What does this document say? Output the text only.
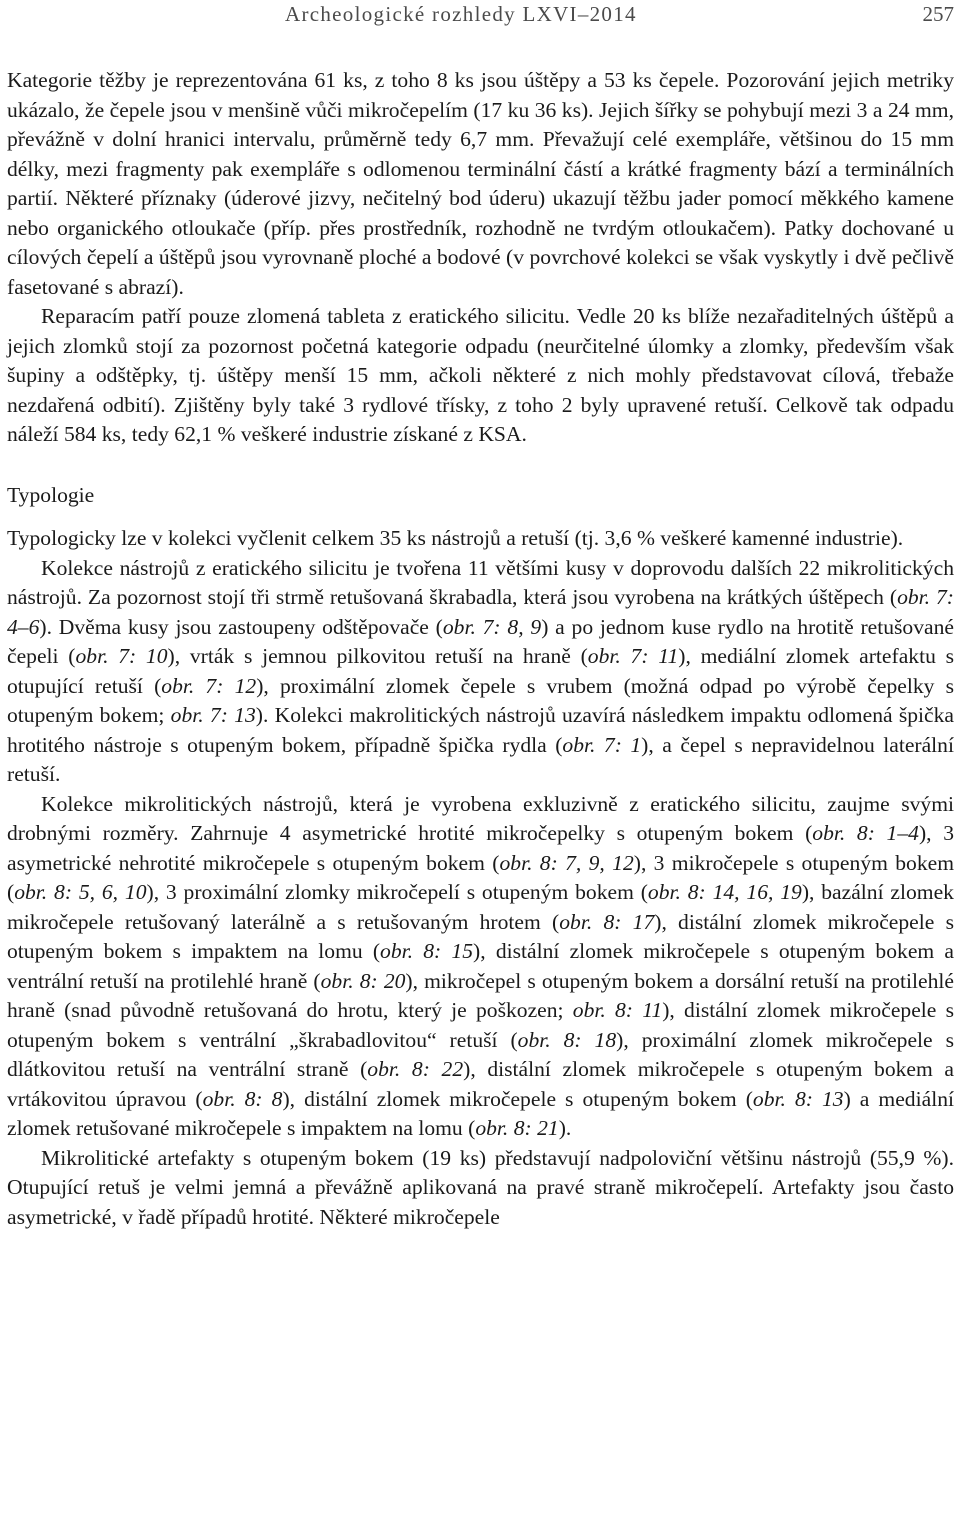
Archeologické rozhledy LXVI–2014	257

Kategorie těžby je reprezentována 61 ks, z toho 8 ks jsou úštěpy a 53 ks čepele. Pozorování jejich metriky ukázalo, že čepele jsou v menšině vůči mikročepelím (17 ku 36 ks). Jejich šířky se pohybují mezi 3 a 24 mm, převážně v dolní hranici intervalu, průměrně tedy 6,7 mm. Převažují celé exempláře, většinou do 15 mm délky, mezi fragmenty pak exempláře s odlomenou terminální částí a krátké fragmenty bází a terminálních partií. Některé příznaky (úderové jizvy, nečitelný bod úderu) ukazují těžbu jader pomocí měkkého kamene nebo organického otloukače (příp. přes prostředník, rozhodně ne tvrdým otloukačem). Patky dochované u cílových čepelí a úštěpů jsou vyrovnaně ploché a bodové (v povrchové kolekci se však vyskytly i dvě pečlivě fasetované s abrazí).

Reparacím patří pouze zlomená tableta z eratického silicitu. Vedle 20 ks blíže nezařaditelných úštěpů a jejich zlomků stojí za pozornost početná kategorie odpadu (neurčitelné úlomky a zlomky, především však šupiny a odštěpky, tj. úštěpy menší 15 mm, ačkoli některé z nich mohly představovat cílová, třebaže nezdařená odbití). Zjištěny byly také 3 rydlové třísky, z toho 2 byly upravené retuší. Celkově tak odpadu náleží 584 ks, tedy 62,1 % veškeré industrie získané z KSA.

Typologie

Typologicky lze v kolekci vyčlenit celkem 35 ks nástrojů a retuší (tj. 3,6 % veškeré kamenné industrie).

Kolekce nástrojů z eratického silicitu je tvořena 11 většími kusy v doprovodu dalších 22 mikrolitických nástrojů. Za pozornost stojí tři strmě retušovaná škrabadla, která jsou vyrobena na krátkých úštěpech (obr. 7: 4–6). Dvěma kusy jsou zastoupeny odštěpovače (obr. 7: 8, 9) a po jednom kuse rydlo na hrotitě retušované čepeli (obr. 7: 10), vrták s jemnou pilkovitou retuší na hraně (obr. 7: 11), mediální zlomek artefaktu s otupující retuší (obr. 7: 12), proximální zlomek čepele s vrubem (možná odpad po výrobě čepelky s otupeným bokem; obr. 7: 13). Kolekci makrolitických nástrojů uzavírá následkem impaktu odlomená špička hrotitého nástroje s otupeným bokem, případně špička rydla (obr. 7: 1), a čepel s nepravidelnou laterální retuší.

Kolekce mikrolitických nástrojů, která je vyrobena exkluzivně z eratického silicitu, zaujme svými drobnými rozměry. Zahrnuje 4 asymetrické hrotité mikročepelky s otupeným bokem (obr. 8: 1–4), 3 asymetrické nehrotité mikročepele s otupeným bokem (obr. 8: 7, 9, 12), 3 mikročepele s otupeným bokem (obr. 8: 5, 6, 10), 3 proximální zlomky mikročepelí s otupeným bokem (obr. 8: 14, 16, 19), bazální zlomek mikročepele retušovaný laterálně a s retušovaným hrotem (obr. 8: 17), distální zlomek mikročepele s otupeným bokem s impaktem na lomu (obr. 8: 15), distální zlomek mikročepele s otupeným bokem a ventrální retuší na protilehlé hraně (obr. 8: 20), mikročepel s otupeným bokem a dorsální retuší na protilehlé hraně (snad původně retušovaná do hrotu, který je poškozen; obr. 8: 11), distální zlomek mikročepele s otupeným bokem s ventrální „škrabadlovitou“ retuší (obr. 8: 18), proximální zlomek mikročepele s dlátkovitou retuší na ventrální straně (obr. 8: 22), distální zlomek mikročepele s otupeným bokem a vrtákovitou úpravou (obr. 8: 8), distální zlomek mikročepele s otupeným bokem (obr. 8: 13) a mediální zlomek retušované mikročepele s impaktem na lomu (obr. 8: 21).

Mikrolitické artefakty s otupeným bokem (19 ks) představují nadpoloviční většinu nástrojů (55,9 %). Otupující retuš je velmi jemná a převážně aplikovaná na pravé straně mikročepelí. Artefakty jsou často asymetrické, v řadě případů hrotité. Některé mikročepele
